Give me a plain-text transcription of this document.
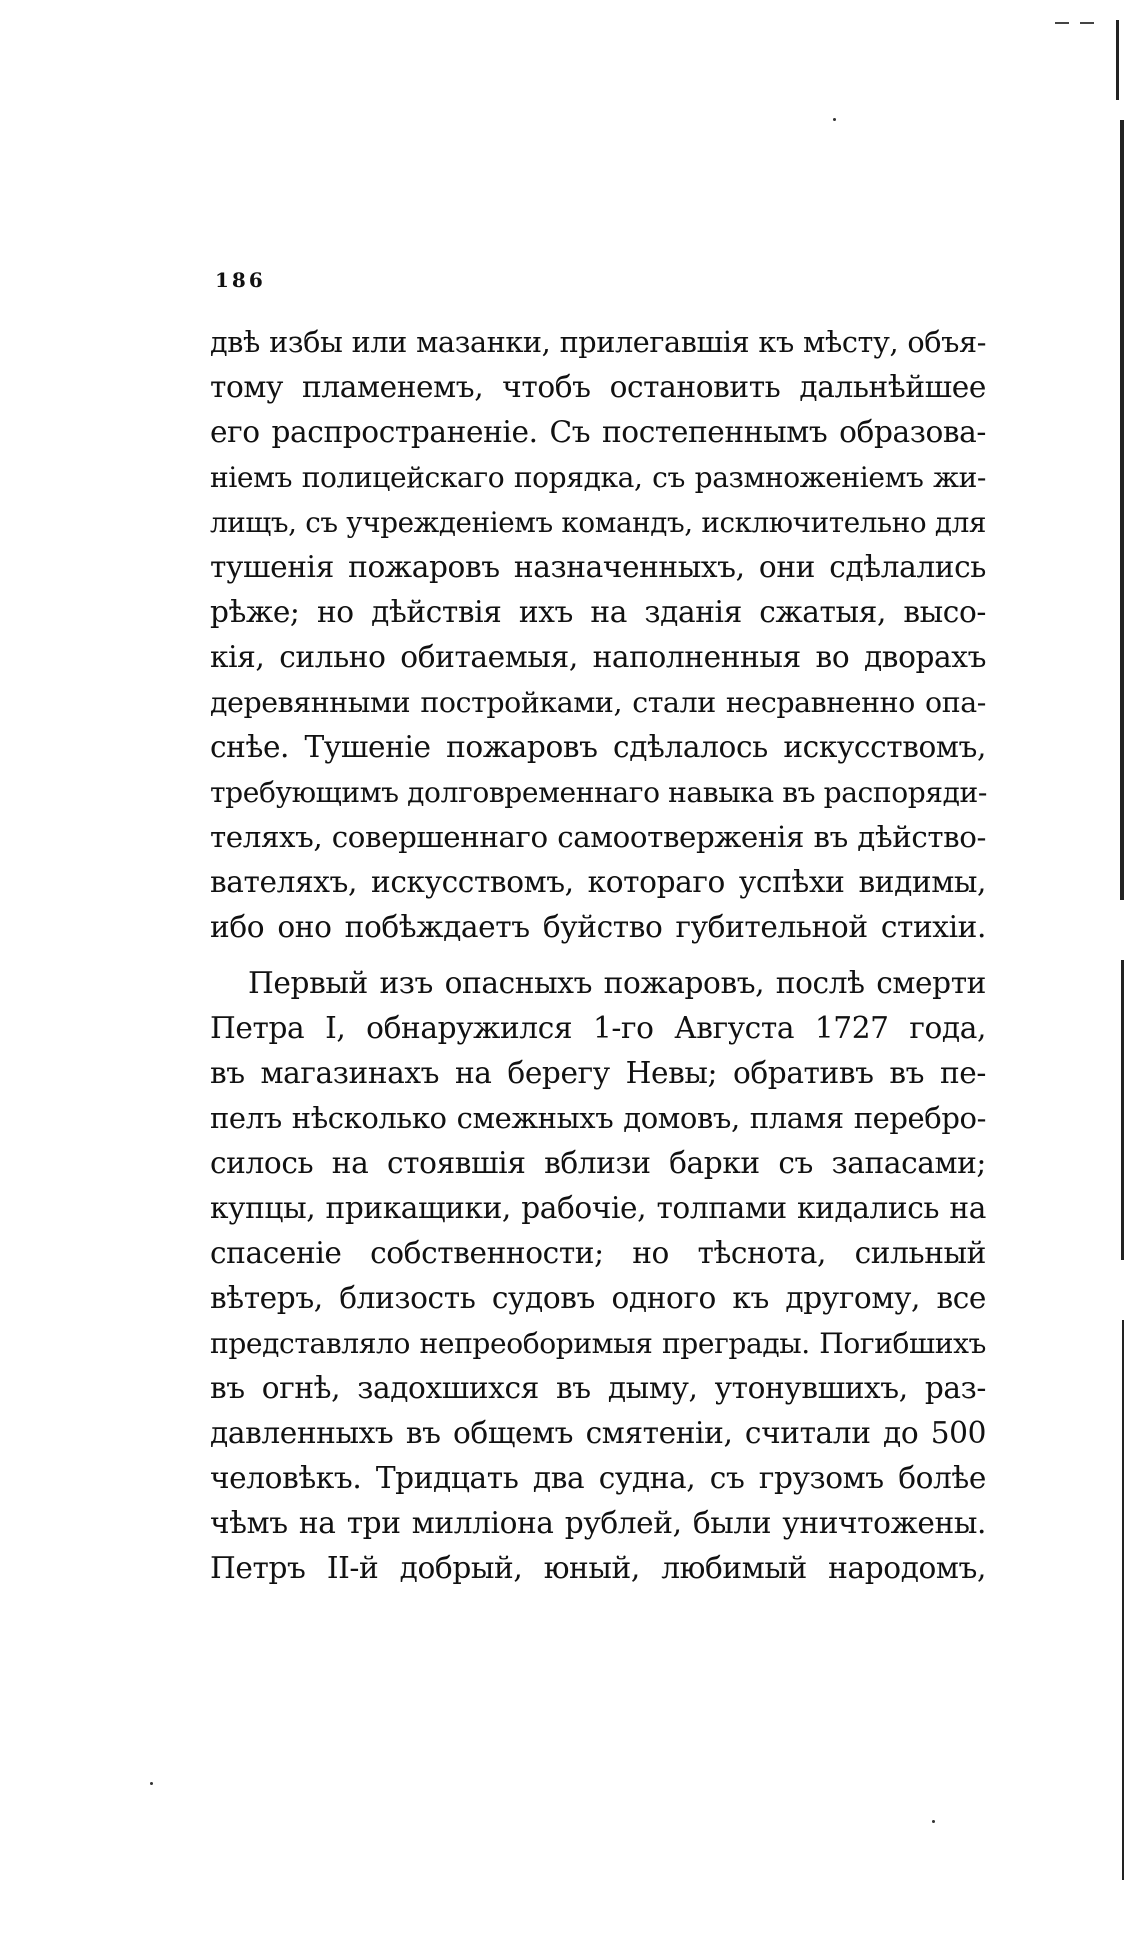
186
двѣ избы или мазанки, прилегавшія къ мѣсту, объя-
тому пламенемъ, чтобъ остановить дальнѣйшее
его распространеніе. Съ постепеннымъ образова-
ніемъ полицейскаго порядка, съ размноженіемъ жи-
лищъ, съ учрежденіемъ командъ, исключительно для
тушенія пожаровъ назначенныхъ, они сдѣлались
рѣже; но дѣйствія ихъ на зданія сжатыя, высо-
кія, сильно обитаемыя, наполненныя во дворахъ
деревянными постройками, стали несравненно опа-
снѣе. Тушеніе пожаровъ сдѣлалось искусствомъ,
требующимъ долговременнаго навыка въ распоряди-
теляхъ, совершеннаго самоотверженія въ дѣйство-
вателяхъ, искусствомъ, котораго успѣхи видимы,
ибо оно побѣждаетъ буйство губительной стихіи.
Первый изъ опасныхъ пожаровъ, послѣ смерти
Петра I, обнаружился 1-го Августа 1727 года,
въ магазинахъ на берегу Невы; обративъ въ пе-
пелъ нѣсколько смежныхъ домовъ, пламя перебро-
силось на стоявшія вблизи барки съ запасами;
купцы, прикащики, рабочіе, толпами кидались на
спасеніе собственности; но тѣснота, сильный
вѣтеръ, близость судовъ одного къ другому, все
представляло непреоборимыя преграды. Погибшихъ
въ огнѣ, задохшихся въ дыму, утонувшихъ, раз-
давленныхъ въ общемъ смятеніи, считали до 500
человѣкъ. Тридцать два судна, съ грузомъ болѣе
чѣмъ на три милліона рублей, были уничтожены.
Петръ II-й добрый, юный, любимый народомъ,
